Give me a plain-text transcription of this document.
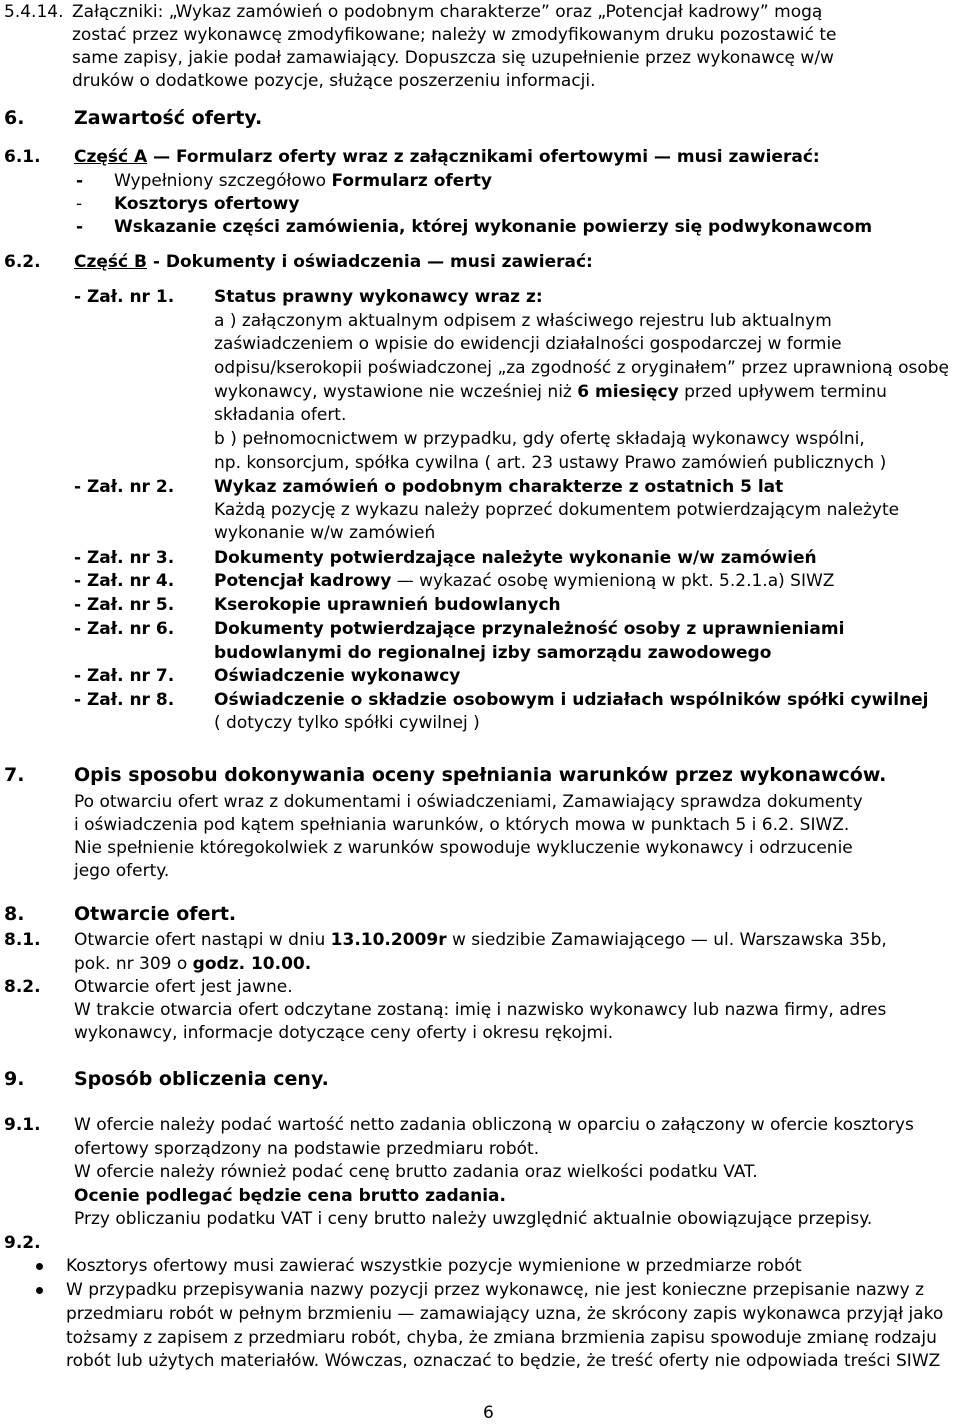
5.4.14. Załączniki: „Wykaz zamówień o podobnym charakterze” oraz „Potencjał kadrowy” mogą
zostać przez wykonawcę zmodyfikowane; należy w zmodyfikowanym druku pozostawić te
same zapisy, jakie podał zamawiający. Dopuszcza się uzupełnienie przez wykonawcę w/w
druków o dodatkowe pozycje, służące poszerzeniu informacji.
6.	Zawartość oferty.
6.1. Część A — Formularz oferty wraz z załącznikami ofertowymi — musi zawierać:
- Wypełniony szczegółowo Formularz oferty
- Kosztorys ofertowy
- Wskazanie części zamówienia, której wykonanie powierzy się podwykonawcom
6.2. Część B - Dokumenty i oświadczenia — musi zawierać:
- Zał. nr 1. Status prawny wykonawcy wraz z:
a ) załączonym aktualnym odpisem z właściwego rejestru lub aktualnym
zaświadczeniem o wpisie do ewidencji działalności gospodarczej w formie
odpisu/kserokopii poświadczonej „za zgodność z oryginałem” przez uprawnioną osobę
wykonawcy, wystawione nie wcześniej niż 6 miesięcy przed upływem terminu
składania ofert.
b ) pełnomocnictwem w przypadku, gdy ofertę składają wykonawcy wspólni,
np. konsorcjum, spółka cywilna ( art. 23 ustawy Prawo zamówień publicznych )
- Zał. nr 2. Wykaz zamówień o podobnym charakterze z ostatnich 5 lat
Każdą pozycję z wykazu należy poprzeć dokumentem potwierdzającym należyte
wykonanie w/w zamówień
- Zał. nr 3. Dokumenty potwierdzające należyte wykonanie w/w zamówień
- Zał. nr 4. Potencjał kadrowy — wykazać osobę wymienioną w pkt. 5.2.1.a) SIWZ
- Zał. nr 5. Kserokopie uprawnień budowlanych
- Zał. nr 6. Dokumenty potwierdzające przynależność osoby z uprawnieniami
budowlanymi do regionalnej izby samorządu zawodowego
- Zał. nr 7. Oświadczenie wykonawcy
- Zał. nr 8. Oświadczenie o składzie osobowym i udziałach wspólników spółki cywilnej
( dotyczy tylko spółki cywilnej )
7.	Opis sposobu dokonywania oceny spełniania warunków przez wykonawców.
Po otwarciu ofert wraz z dokumentami i oświadczeniami, Zamawiający sprawdza dokumenty
i oświadczenia pod kątem spełniania warunków, o których mowa w punktach 5 i 6.2. SIWZ.
Nie spełnienie któregokolwiek z warunków spowoduje wykluczenie wykonawcy i odrzucenie
jego oferty.
8.	Otwarcie ofert.
8.1. Otwarcie ofert nastąpi w dniu 13.10.2009r w siedzibie Zamawiającego — ul. Warszawska 35b,
pok. nr 309 o godz. 10.00.
8.2. Otwarcie ofert jest jawne.
W trakcie otwarcia ofert odczytane zostaną: imię i nazwisko wykonawcy lub nazwa firmy, adres
wykonawcy, informacje dotyczące ceny oferty i okresu rękojmi.
9.	Sposób obliczenia ceny.
9.1. W ofercie należy podać wartość netto zadania obliczoną w oparciu o załączony w ofercie kosztorys
ofertowy sporządzony na podstawie przedmiaru robót.
W ofercie należy również podać cenę brutto zadania oraz wielkości podatku VAT.
Ocenie podlegać będzie cena brutto zadania.
Przy obliczaniu podatku VAT i ceny brutto należy uwzględnić aktualnie obowiązujące przepisy.
9.2.
Kosztorys ofertowy musi zawierać wszystkie pozycje wymienione w przedmiarze robót
W przypadku przepisywania nazwy pozycji przez wykonawcę, nie jest konieczne przepisanie nazwy z
przedmiaru robót w pełnym brzmieniu — zamawiający uzna, że skrócony zapis wykonawca przyjął jako
tożsamy z zapisem z przedmiaru robót, chyba, że zmiana brzmienia zapisu spowoduje zmianę rodzaju
robót lub użytych materiałów. Wówczas, oznaczać to będzie, że treść oferty nie odpowiada treści SIWZ
6
